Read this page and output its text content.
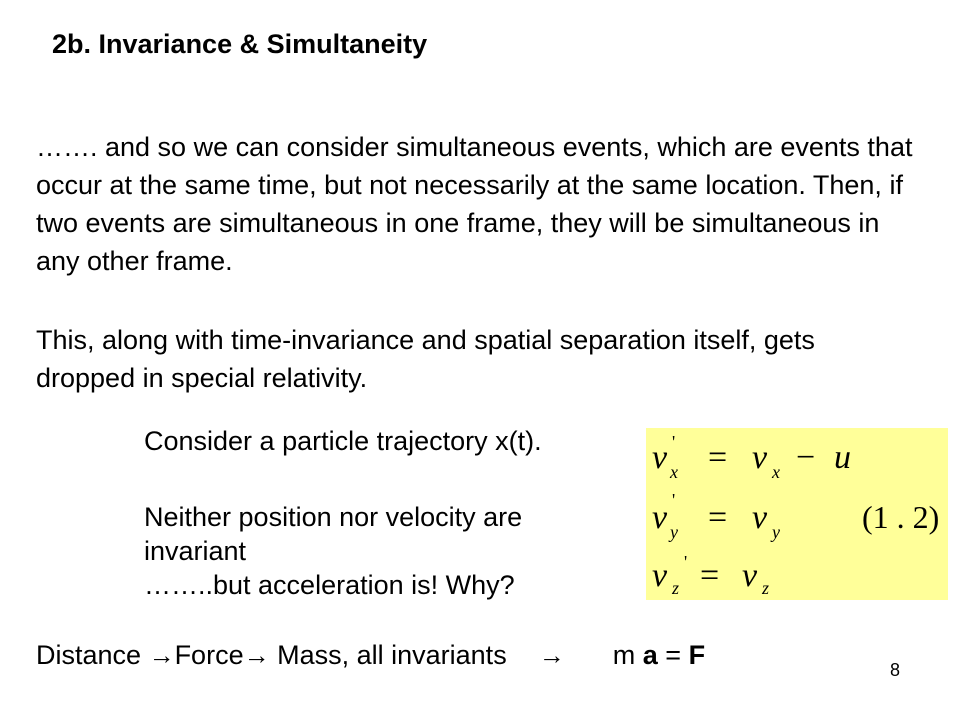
2b. Invariance & Simultaneity
……. and so we can consider simultaneous events, which are events that occur at the same time, but not necessarily at the same location. Then, if two events are simultaneous in one frame, they will be simultaneous in any other frame.
This, along with time-invariance and spatial separation itself, gets dropped in special relativity.
Consider a particle trajectory x(t).
Neither position nor velocity are
invariant
……..but acceleration is! Why?
v '
x = v x − u
v '
y = v y	(1 . 2)
v '
z = v z
Distance →Force→ Mass, all invariants → m a = F	8
